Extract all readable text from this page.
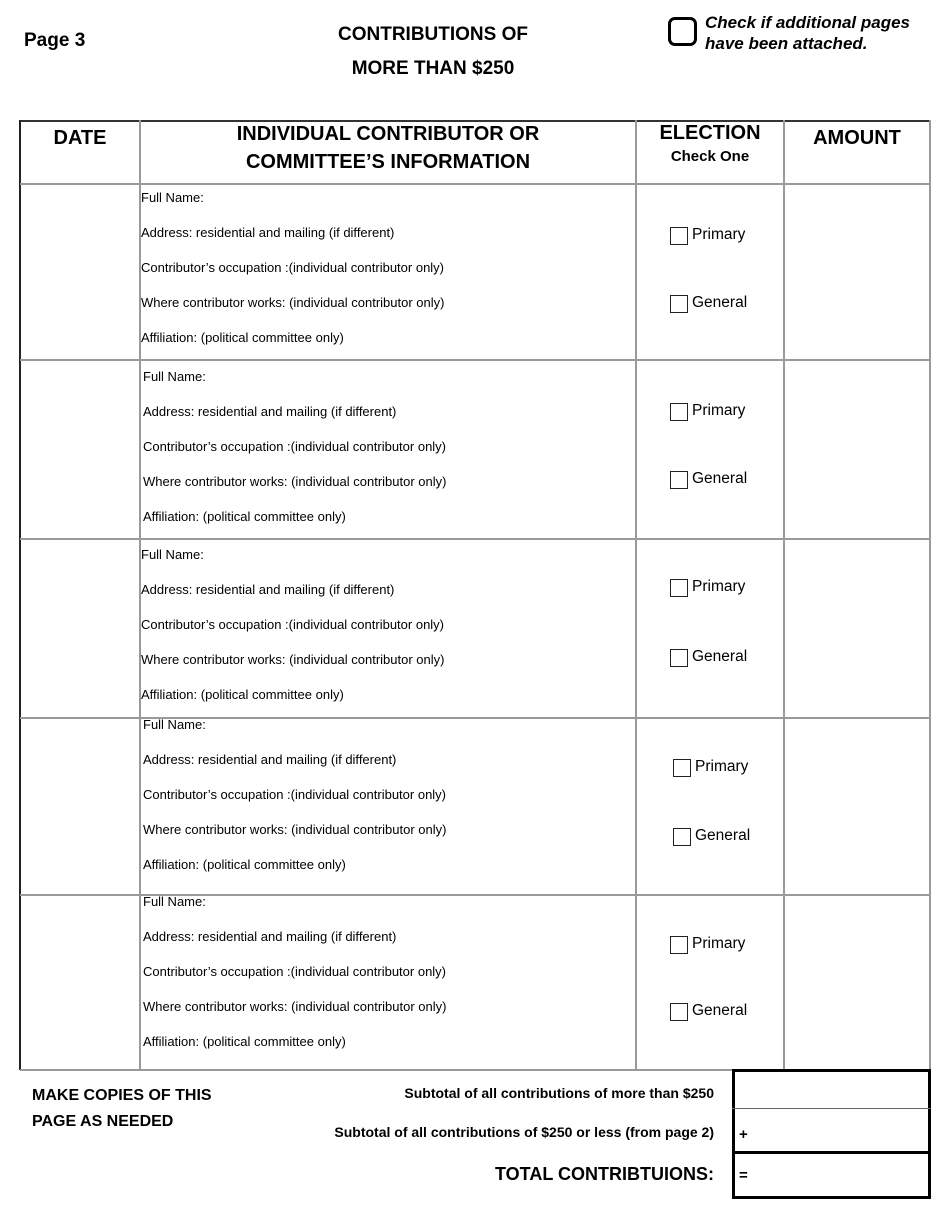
Page 3	CONTRIBUTIONS OF
MORE THAN $250
Check if additional pages
have been attached.
DATE	INDIVIDUAL CONTRIBUTOR OR
COMMITTEE’S INFORMATION
ELECTION
Check One
AMOUNT
Full Name:
Address: residential and mailing (if different)
Contributor’s occupation :(individual contributor only)
Where contributor works: (individual contributor only)
Affiliation: (political committee only)
Primary
General
Full Name:
Address: residential and mailing (if different)
Contributor’s occupation :(individual contributor only)
Where contributor works: (individual contributor only)
Affiliation: (political committee only)
Primary
General
Full Name:
Address: residential and mailing (if different)
Contributor’s occupation :(individual contributor only)
Where contributor works: (individual contributor only)
Affiliation: (political committee only)
Primary
General
Full Name:
Address: residential and mailing (if different)
Contributor’s occupation :(individual contributor only)
Where contributor works: (individual contributor only)
Affiliation: (political committee only)
Primary
General
Full Name:
Address: residential and mailing (if different)
Contributor’s occupation :(individual contributor only)
Where contributor works: (individual contributor only)
Affiliation: (political committee only)
Primary
General
MAKE COPIES OF THIS
PAGE AS NEEDED
Subtotal of all contributions of more than $250
Subtotal of all contributions of $250 or less (from page 2)
TOTAL CONTRIBTUIONS:
+
=
